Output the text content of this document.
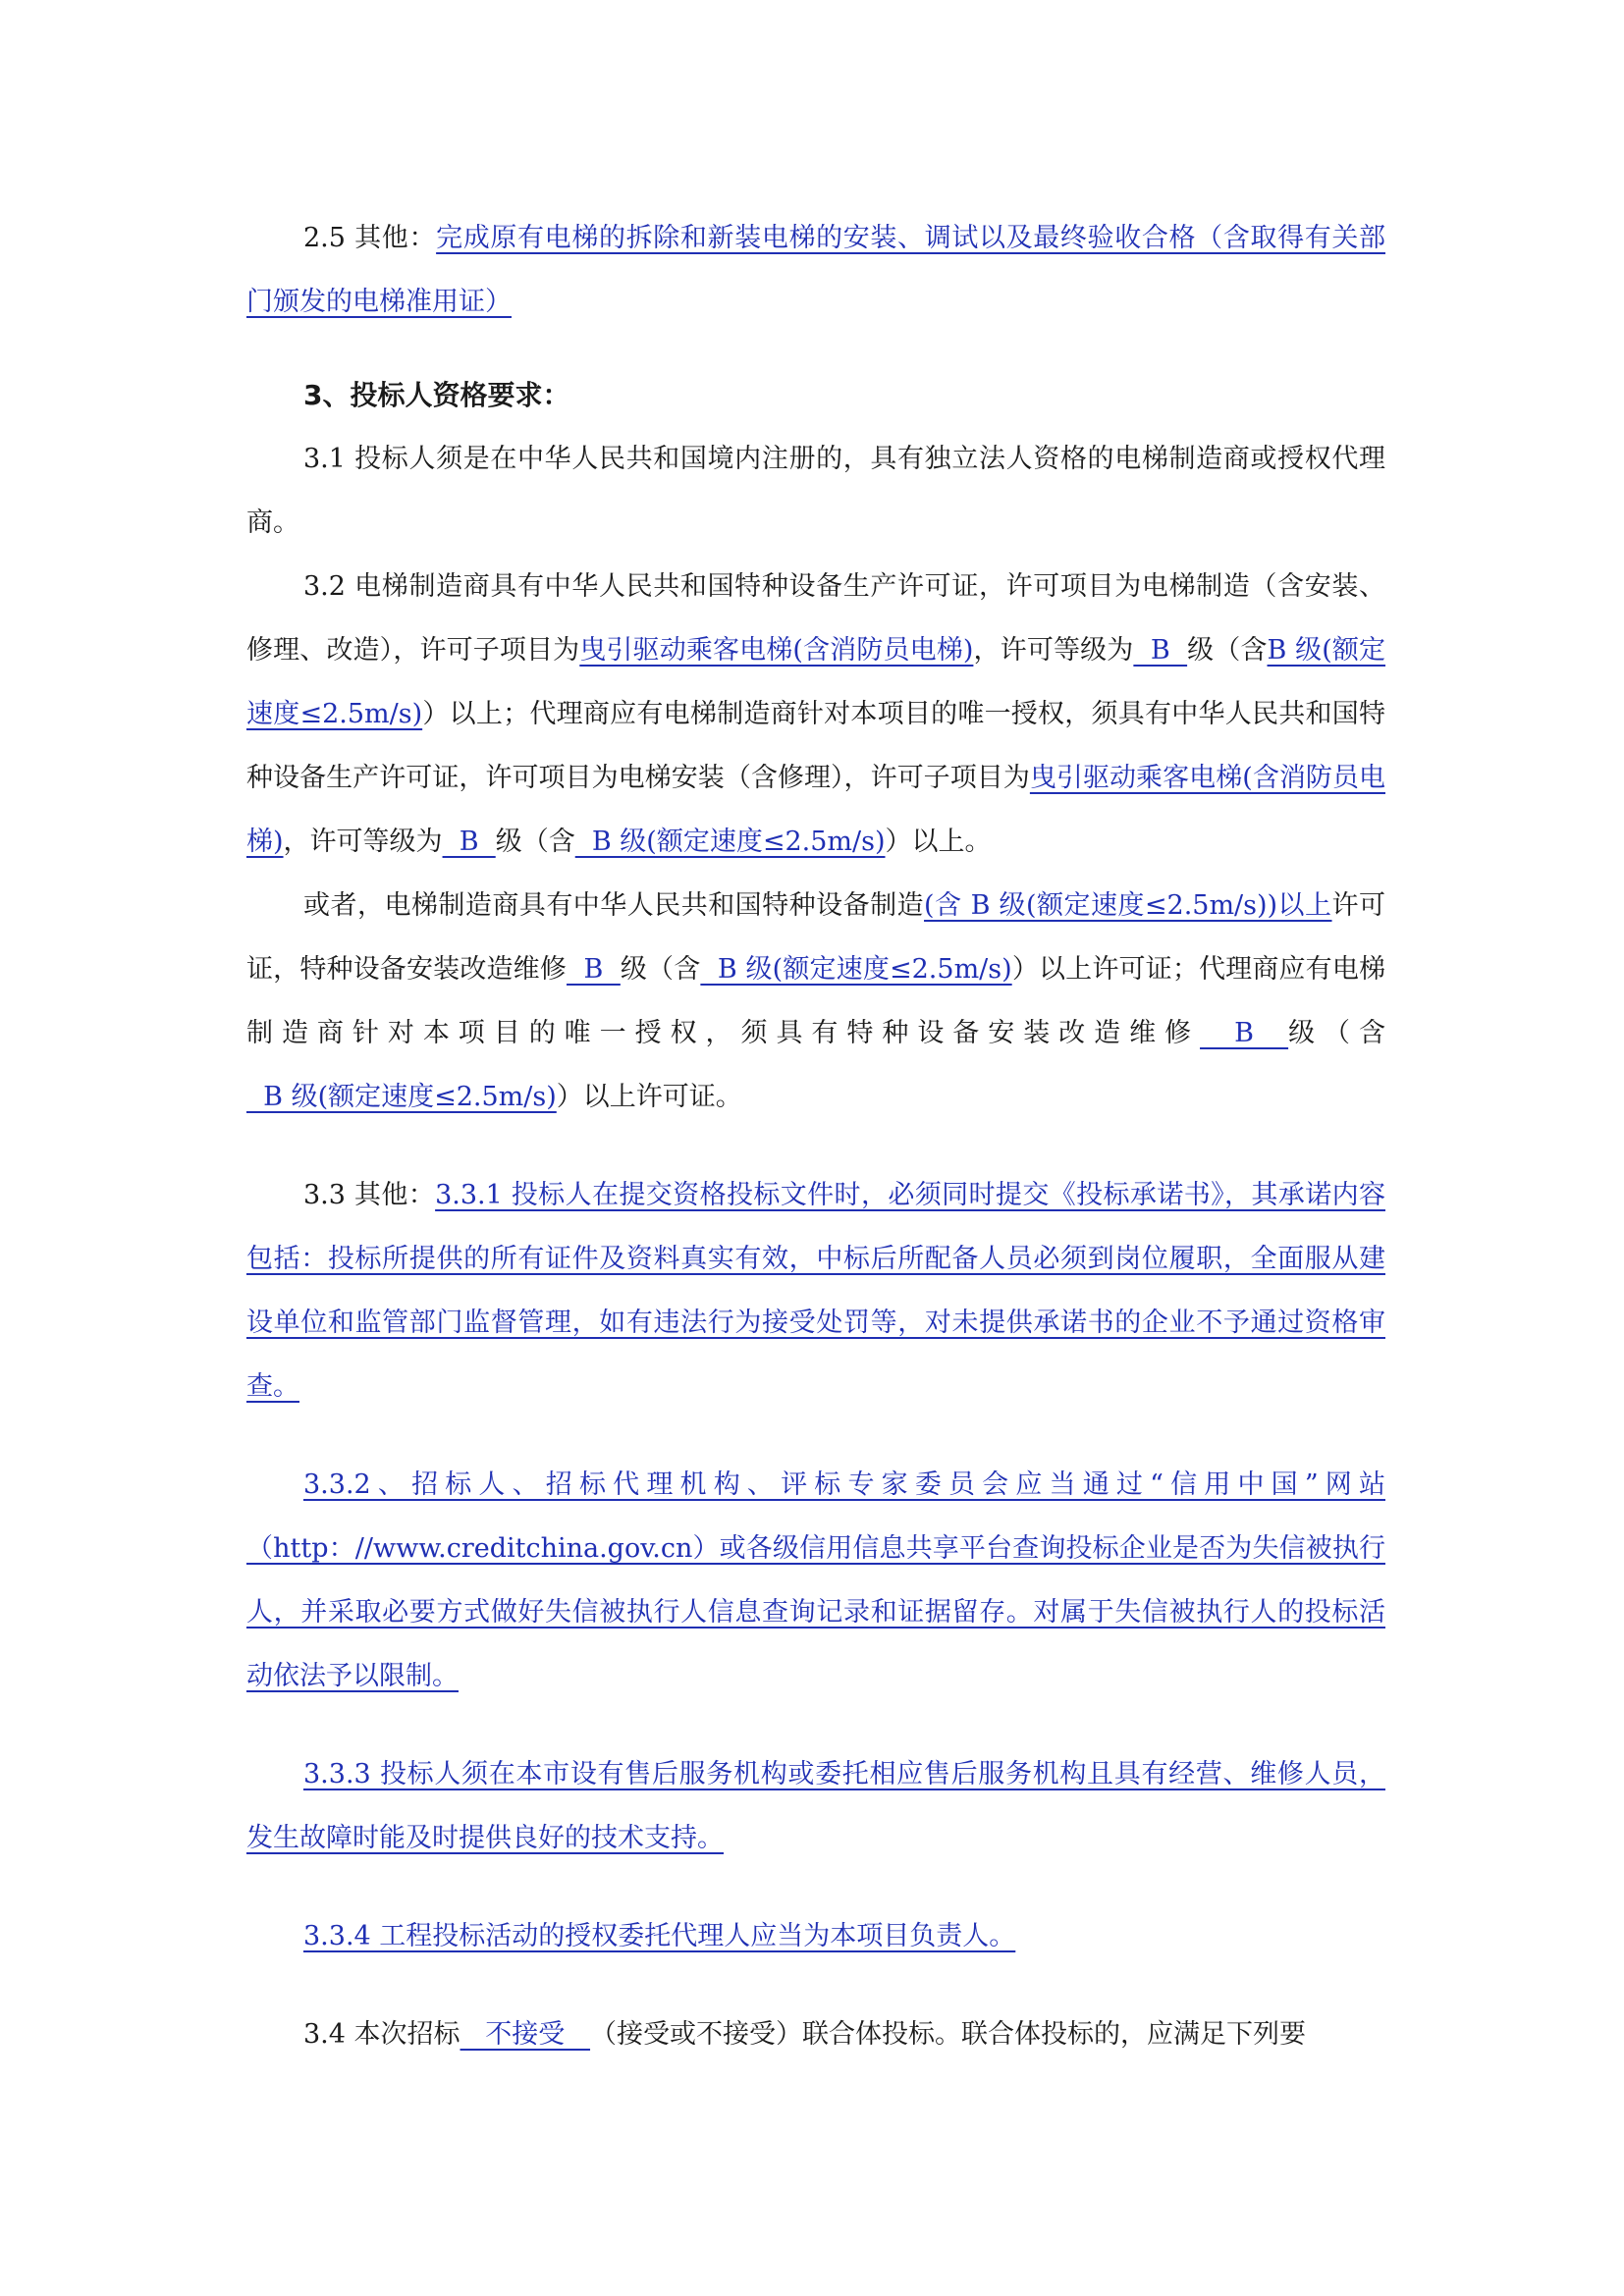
2.5 其他：完成原有电梯的拆除和新装电梯的安装、调试以及最终验收合格（含取得有关部门颁发的电梯准用证）

3、投标人资格要求：

3.1 投标人须是在中华人民共和国境内注册的，具有独立法人资格的电梯制造商或授权代理商。

3.2 电梯制造商具有中华人民共和国特种设备生产许可证，许可项目为电梯制造（含安装、修理、改造），许可子项目为曳引驱动乘客电梯(含消防员电梯)，许可等级为  B  级（含B 级(额定速度≤2.5m/s)）以上；代理商应有电梯制造商针对本项目的唯一授权，须具有中华人民共和国特种设备生产许可证，许可项目为电梯安装（含修理），许可子项目为曳引驱动乘客电梯(含消防员电梯)，许可等级为  B  级（含  B 级(额定速度≤2.5m/s)）以上。

或者，电梯制造商具有中华人民共和国特种设备制造(含 B 级(额定速度≤2.5m/s))以上许可证，特种设备安装改造维修  B  级（含  B 级(额定速度≤2.5m/s)）以上许可证；代理商应有电梯制造商针对本项目的唯一授权，须具有特种设备安装改造维修  B  级（含  B 级(额定速度≤2.5m/s)）以上许可证。

3.3 其他：3.3.1 投标人在提交资格投标文件时，必须同时提交《投标承诺书》，其承诺内容包括：投标所提供的所有证件及资料真实有效，中标后所配备人员必须到岗位履职，全面服从建设单位和监管部门监督管理，如有违法行为接受处罚等，对未提供承诺书的企业不予通过资格审查。

3.3.2、招标人、招标代理机构、评标专家委员会应当通过“信用中国”网站（http：//www.creditchina.gov.cn）或各级信用信息共享平台查询投标企业是否为失信被执行人，并采取必要方式做好失信被执行人信息查询记录和证据留存。对属于失信被执行人的投标活动依法予以限制。

3.3.3 投标人须在本市设有售后服务机构或委托相应售后服务机构且具有经营、维修人员，发生故障时能及时提供良好的技术支持。

3.3.4 工程投标活动的授权委托代理人应当为本项目负责人。

3.4 本次招标   不接受   （接受或不接受）联合体投标。联合体投标的，应满足下列要
